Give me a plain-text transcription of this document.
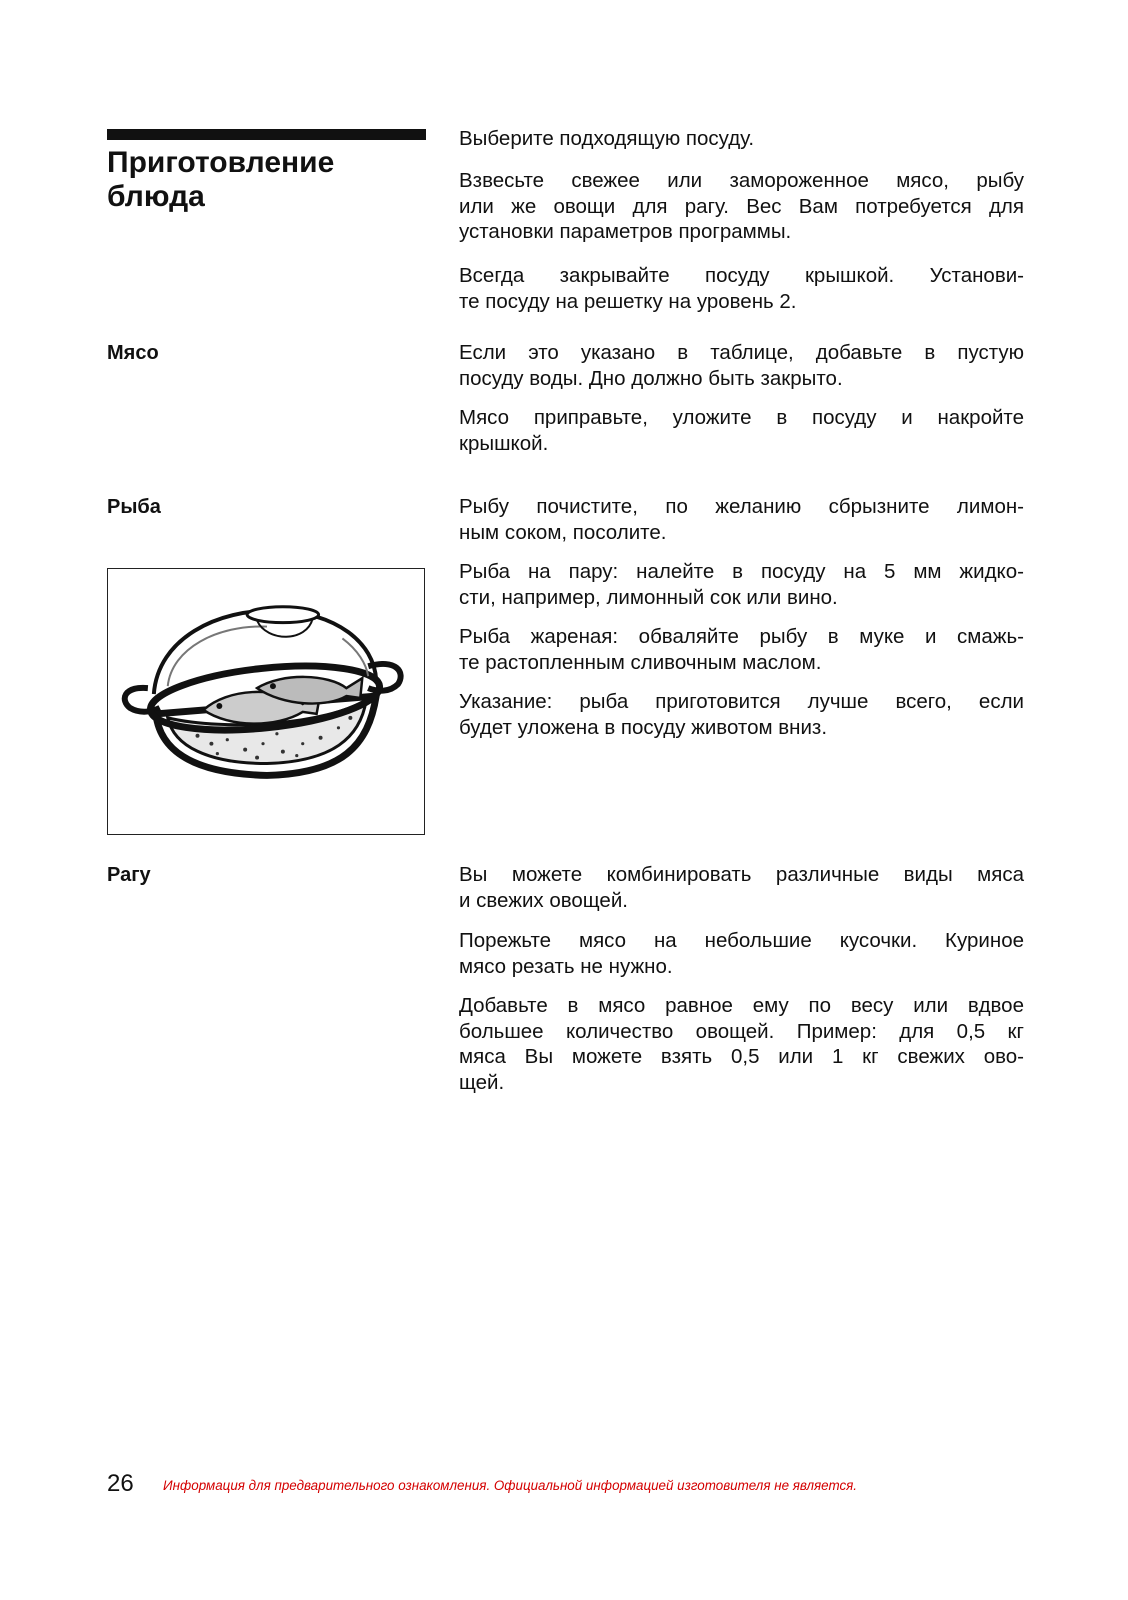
Приготовление
блюда

Выберите подходящую посуду.

Взвесьте свежее или замороженное мясо, рыбу
или же овощи для рагу. Вес Вам потребуется для
установки параметров программы.

Всегда закрывайте посуду крышкой. Установи-
те посуду на решетку на уровень 2.

Мясо	Если это указано в таблице, добавьте в пустую
посуду воды. Дно должно быть закрыто.

Мясо приправьте, уложите в посуду и накройте
крышкой.

Рыба	Рыбу почистите, по желанию сбрызните лимон-
ным соком, посолите.

Рыба на пару: налейте в посуду на 5 мм жидко-
сти, например, лимонный сок или вино.

Рыба жареная: обваляйте рыбу в муке и смажь-
те растопленным сливочным маслом.

Указание: рыба приготовится лучше всего, если
будет уложена в посуду животом вниз.

Рагу	Вы можете комбинировать различные виды мяса
и свежих овощей.

Порежьте мясо на небольшие кусочки. Куриное
мясо резать не нужно.

Добавьте в мясо равное ему по весу или вдвое
большее количество овощей. Пример: для 0,5 кг
мяса Вы можете взять 0,5 или 1 кг свежих ово-
щей.

26 Информация для предварительного ознакомления. Официальной информацией изготовителя не является.
